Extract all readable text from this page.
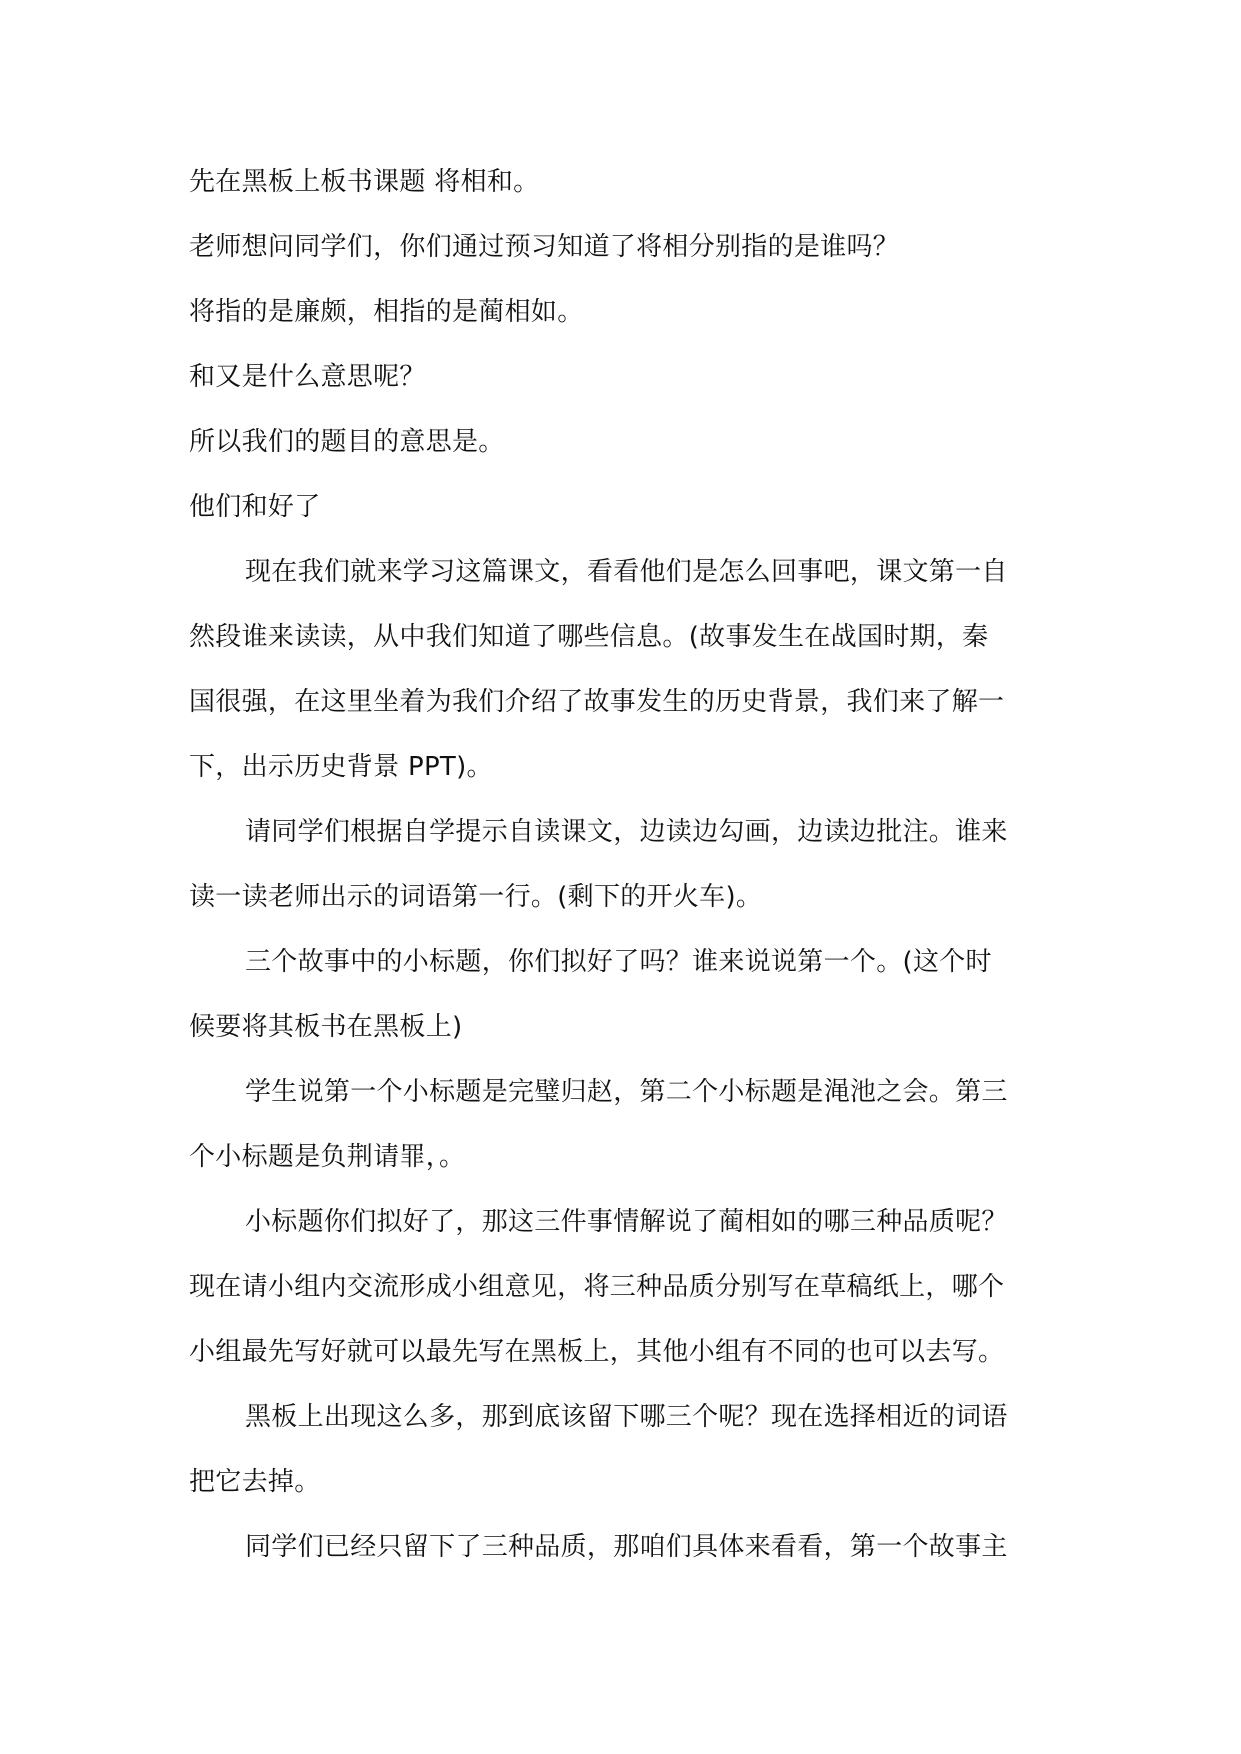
先在黑板上板书课题 将相和。
老师想问同学们，你们通过预习知道了将相分别指的是谁吗？
将指的是廉颇，相指的是蔺相如。
和又是什么意思呢？
所以我们的题目的意思是。
他们和好了
现在我们就来学习这篇课文，看看他们是怎么回事吧，课文第一自
然段谁来读读，从中我们知道了哪些信息。(故事发生在战国时期，秦
国很强，在这里坐着为我们介绍了故事发生的历史背景，我们来了解一
下，出示历史背景 PPT)。
请同学们根据自学提示自读课文，边读边勾画，边读边批注。谁来
读一读老师出示的词语第一行。(剩下的开火车)。
三个故事中的小标题，你们拟好了吗？谁来说说第一个。(这个时
候要将其板书在黑板上)
学生说第一个小标题是完璧归赵，第二个小标题是渑池之会。第三
个小标题是负荆请罪，。
小标题你们拟好了，那这三件事情解说了蔺相如的哪三种品质呢？
现在请小组内交流形成小组意见，将三种品质分别写在草稿纸上，哪个
小组最先写好就可以最先写在黑板上，其他小组有不同的也可以去写。
黑板上出现这么多，那到底该留下哪三个呢？现在选择相近的词语
把它去掉。
同学们已经只留下了三种品质，那咱们具体来看看，第一个故事主
